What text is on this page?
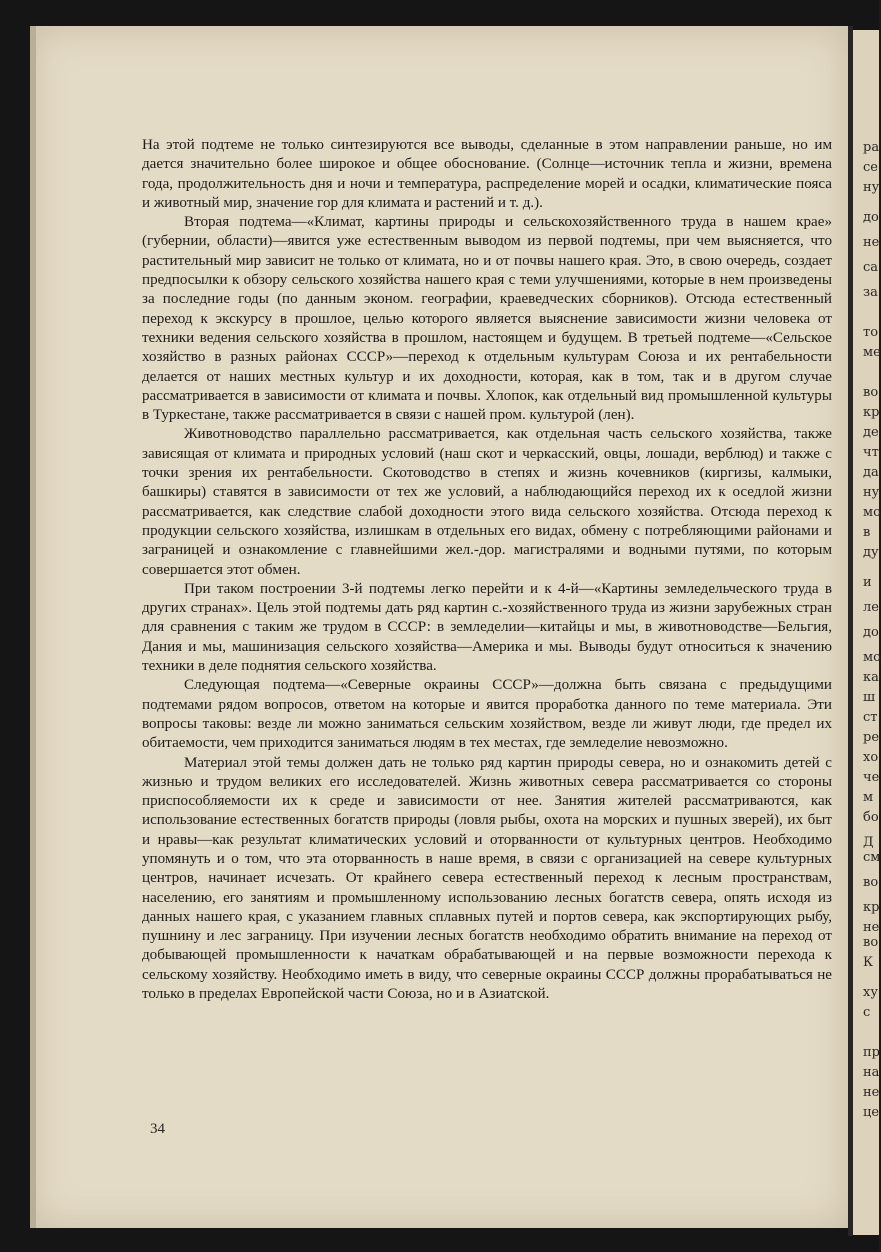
ра
се
ну
до
не
са
за
то
ме
во
кр
де
чт
да
ну
мо
в
ду
и
ле
до
мо
ка
ш
ст
ре
хо
че
м
бо
Д
см
во
кр
не
во
К
ху
с
пр
на
не
це

На этой подтеме не только синтезируются все выводы, сделанные в этом направлении раньше, но им дается значительно более широкое и общее обоснование. (Солнце—источник тепла и жизни, времена года, продолжительность дня и ночи и температура, распределение морей и осадки, климатические пояса и животный мир, значение гор для климата и растений и т. д.).

Вторая подтема—«Климат, картины природы и сельскохозяйственного труда в нашем крае» (губернии, области)—явится уже естественным выводом из первой подтемы, при чем выясняется, что растительный мир зависит не только от климата, но и от почвы нашего края. Это, в свою очередь, создает предпосылки к обзору сельского хозяйства нашего края с теми улучшениями, которые в нем произведены за последние годы (по данным эконом. географии, краеведческих сборников). Отсюда естественный переход к экскурсу в прошлое, целью которого является выяснение зависимости жизни человека от техники ведения сельского хозяйства в прошлом, настоящем и будущем. В третьей подтеме—«Сельское хозяйство в разных районах СССР»—переход к отдельным культурам Союза и их рентабельности делается от наших местных культур и их доходности, которая, как в том, так и в другом случае рассматривается в зависимости от климата и почвы. Хлопок, как отдельный вид промышленной культуры в Туркестане, также рассматривается в связи с нашей пром. культурой (лен).

Животноводство параллельно рассматривается, как отдельная часть сельского хозяйства, также зависящая от климата и природных условий (наш скот и черкасский, овцы, лошади, верблюд) и также с точки зрения их рентабельности. Скотоводство в степях и жизнь кочевников (киргизы, калмыки, башкиры) ставятся в зависимости от тех же условий, а наблюдающийся переход их к оседлой жизни рассматривается, как следствие слабой доходности этого вида сельского хозяйства. Отсюда переход к продукции сельского хозяйства, излишкам в отдельных его видах, обмену с потребляющими районами и заграницей и ознакомление с главнейшими жел.-дор. магистралями и водными путями, по которым совершается этот обмен.

При таком построении 3-й подтемы легко перейти и к 4-й—«Картины земледельческого труда в других странах». Цель этой подтемы дать ряд картин с.-хозяйственного труда из жизни зарубежных стран для сравнения с таким же трудом в СССР: в земледелии—китайцы и мы, в животноводстве—Бельгия, Дания и мы, машинизация сельского хозяйства—Америка и мы. Выводы будут относиться к значению техники в деле поднятия сельского хозяйства.

Следующая подтема—«Северные окраины СССР»—должна быть связана с предыдущими подтемами рядом вопросов, ответом на которые и явится проработка данного по теме материала. Эти вопросы таковы: везде ли можно заниматься сельским хозяйством, везде ли живут люди, где предел их обитаемости, чем приходится заниматься людям в тех местах, где земледелие невозможно.

Материал этой темы должен дать не только ряд картин природы севера, но и ознакомить детей с жизнью и трудом великих его исследователей. Жизнь животных севера рассматривается со стороны приспособляемости их к среде и зависимости от нее. Занятия жителей рассматриваются, как использование естественных богатств природы (ловля рыбы, охота на морских и пушных зверей), их быт и нравы—как результат климатических условий и оторванности от культурных центров. Необходимо упомянуть и о том, что эта оторванность в наше время, в связи с организацией на севере культурных центров, начинает исчезать. От крайнего севера естественный переход к лесным пространствам, населению, его занятиям и промышленному использованию лесных богатств севера, опять исходя из данных нашего края, с указанием главных сплавных путей и портов севера, как экспортирующих рыбу, пушнину и лес заграницу. При изучении лесных богатств необходимо обратить внимание на переход от добывающей промышленности к начаткам обрабатывающей и на первые возможности перехода к сельскому хозяйству. Необходимо иметь в виду, что северные окраины СССР должны прорабатываться не только в пределах Европейской части Союза, но и в Азиатской.

34
